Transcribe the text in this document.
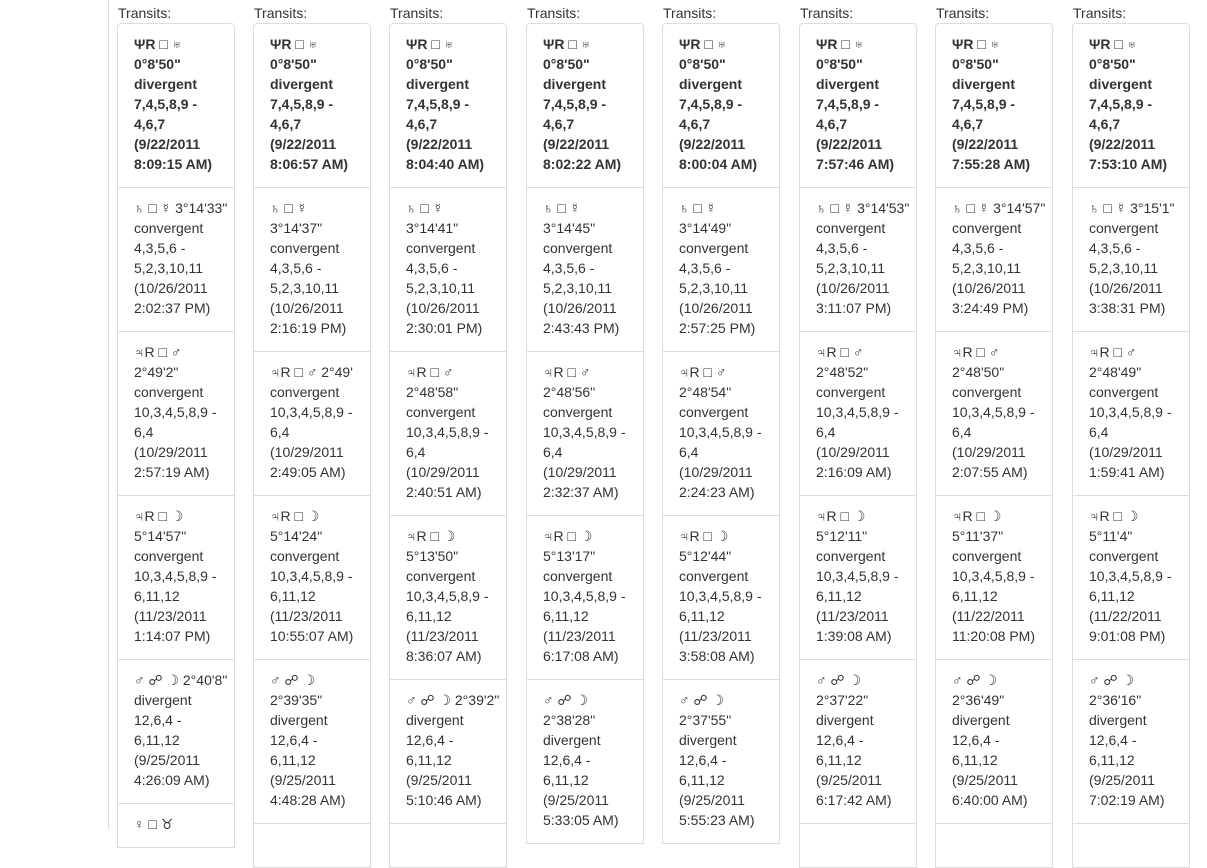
Transits:
ΨR □ ♅
0°8'50"
divergent
7,4,5,8,9 -
4,6,7
(9/22/2011
8:09:15 AM)
♄ □ ☿ 3°14'33"
convergent
4,3,5,6 -
5,2,3,10,11
(10/26/2011
2:02:37 PM)
♃R □ ♂
2°49'2"
convergent
10,3,4,5,8,9 -
6,4
(10/29/2011
2:57:19 AM)
♃R □ ☽
5°14'57"
convergent
10,3,4,5,8,9 -
6,11,12
(11/23/2011
1:14:07 PM)
♂ ☍ ☽ 2°40'8"
divergent
12,6,4 -
6,11,12
(9/25/2011
4:26:09 AM)
♀ □ ♉
Transits:
ΨR □ ♅
0°8'50"
divergent
7,4,5,8,9 -
4,6,7
(9/22/2011
8:06:57 AM)
♄ □ ☿
3°14'37"
convergent
4,3,5,6 -
5,2,3,10,11
(10/26/2011
2:16:19 PM)
♃R □ ♂ 2°49'
convergent
10,3,4,5,8,9 -
6,4
(10/29/2011
2:49:05 AM)
♃R □ ☽
5°14'24"
convergent
10,3,4,5,8,9 -
6,11,12
(11/23/2011
10:55:07 AM)
♂ ☍ ☽
2°39'35"
divergent
12,6,4 -
6,11,12
(9/25/2011
4:48:28 AM)

Transits:
ΨR □ ♅
0°8'50"
divergent
7,4,5,8,9 -
4,6,7
(9/22/2011
8:04:40 AM)
♄ □ ☿
3°14'41"
convergent
4,3,5,6 -
5,2,3,10,11
(10/26/2011
2:30:01 PM)
♃R □ ♂
2°48'58"
convergent
10,3,4,5,8,9 -
6,4
(10/29/2011
2:40:51 AM)
♃R □ ☽
5°13'50"
convergent
10,3,4,5,8,9 -
6,11,12
(11/23/2011
8:36:07 AM)
♂ ☍ ☽ 2°39'2"
divergent
12,6,4 -
6,11,12
(9/25/2011
5:10:46 AM)

Transits:
ΨR □ ♅
0°8'50"
divergent
7,4,5,8,9 -
4,6,7
(9/22/2011
8:02:22 AM)
♄ □ ☿
3°14'45"
convergent
4,3,5,6 -
5,2,3,10,11
(10/26/2011
2:43:43 PM)
♃R □ ♂
2°48'56"
convergent
10,3,4,5,8,9 -
6,4
(10/29/2011
2:32:37 AM)
♃R □ ☽
5°13'17"
convergent
10,3,4,5,8,9 -
6,11,12
(11/23/2011
6:17:08 AM)
♂ ☍ ☽
2°38'28"
divergent
12,6,4 -
6,11,12
(9/25/2011
5:33:05 AM)
Transits:
ΨR □ ♅
0°8'50"
divergent
7,4,5,8,9 -
4,6,7
(9/22/2011
8:00:04 AM)
♄ □ ☿
3°14'49"
convergent
4,3,5,6 -
5,2,3,10,11
(10/26/2011
2:57:25 PM)
♃R □ ♂
2°48'54"
convergent
10,3,4,5,8,9 -
6,4
(10/29/2011
2:24:23 AM)
♃R □ ☽
5°12'44"
convergent
10,3,4,5,8,9 -
6,11,12
(11/23/2011
3:58:08 AM)
♂ ☍ ☽
2°37'55"
divergent
12,6,4 -
6,11,12
(9/25/2011
5:55:23 AM)
Transits:
ΨR □ ♅
0°8'50"
divergent
7,4,5,8,9 -
4,6,7
(9/22/2011
7:57:46 AM)
♄ □ ☿ 3°14'53"
convergent
4,3,5,6 -
5,2,3,10,11
(10/26/2011
3:11:07 PM)
♃R □ ♂
2°48'52"
convergent
10,3,4,5,8,9 -
6,4
(10/29/2011
2:16:09 AM)
♃R □ ☽
5°12'11"
convergent
10,3,4,5,8,9 -
6,11,12
(11/23/2011
1:39:08 AM)
♂ ☍ ☽
2°37'22"
divergent
12,6,4 -
6,11,12
(9/25/2011
6:17:42 AM)

Transits:
ΨR □ ♅
0°8'50"
divergent
7,4,5,8,9 -
4,6,7
(9/22/2011
7:55:28 AM)
♄ □ ☿ 3°14'57"
convergent
4,3,5,6 -
5,2,3,10,11
(10/26/2011
3:24:49 PM)
♃R □ ♂
2°48'50"
convergent
10,3,4,5,8,9 -
6,4
(10/29/2011
2:07:55 AM)
♃R □ ☽
5°11'37"
convergent
10,3,4,5,8,9 -
6,11,12
(11/22/2011
11:20:08 PM)
♂ ☍ ☽
2°36'49"
divergent
12,6,4 -
6,11,12
(9/25/2011
6:40:00 AM)

Transits:
ΨR □ ♅
0°8'50"
divergent
7,4,5,8,9 -
4,6,7
(9/22/2011
7:53:10 AM)
♄ □ ☿ 3°15'1"
convergent
4,3,5,6 -
5,2,3,10,11
(10/26/2011
3:38:31 PM)
♃R □ ♂
2°48'49"
convergent
10,3,4,5,8,9 -
6,4
(10/29/2011
1:59:41 AM)
♃R □ ☽
5°11'4"
convergent
10,3,4,5,8,9 -
6,11,12
(11/22/2011
9:01:08 PM)
♂ ☍ ☽
2°36'16"
divergent
12,6,4 -
6,11,12
(9/25/2011
7:02:19 AM)
